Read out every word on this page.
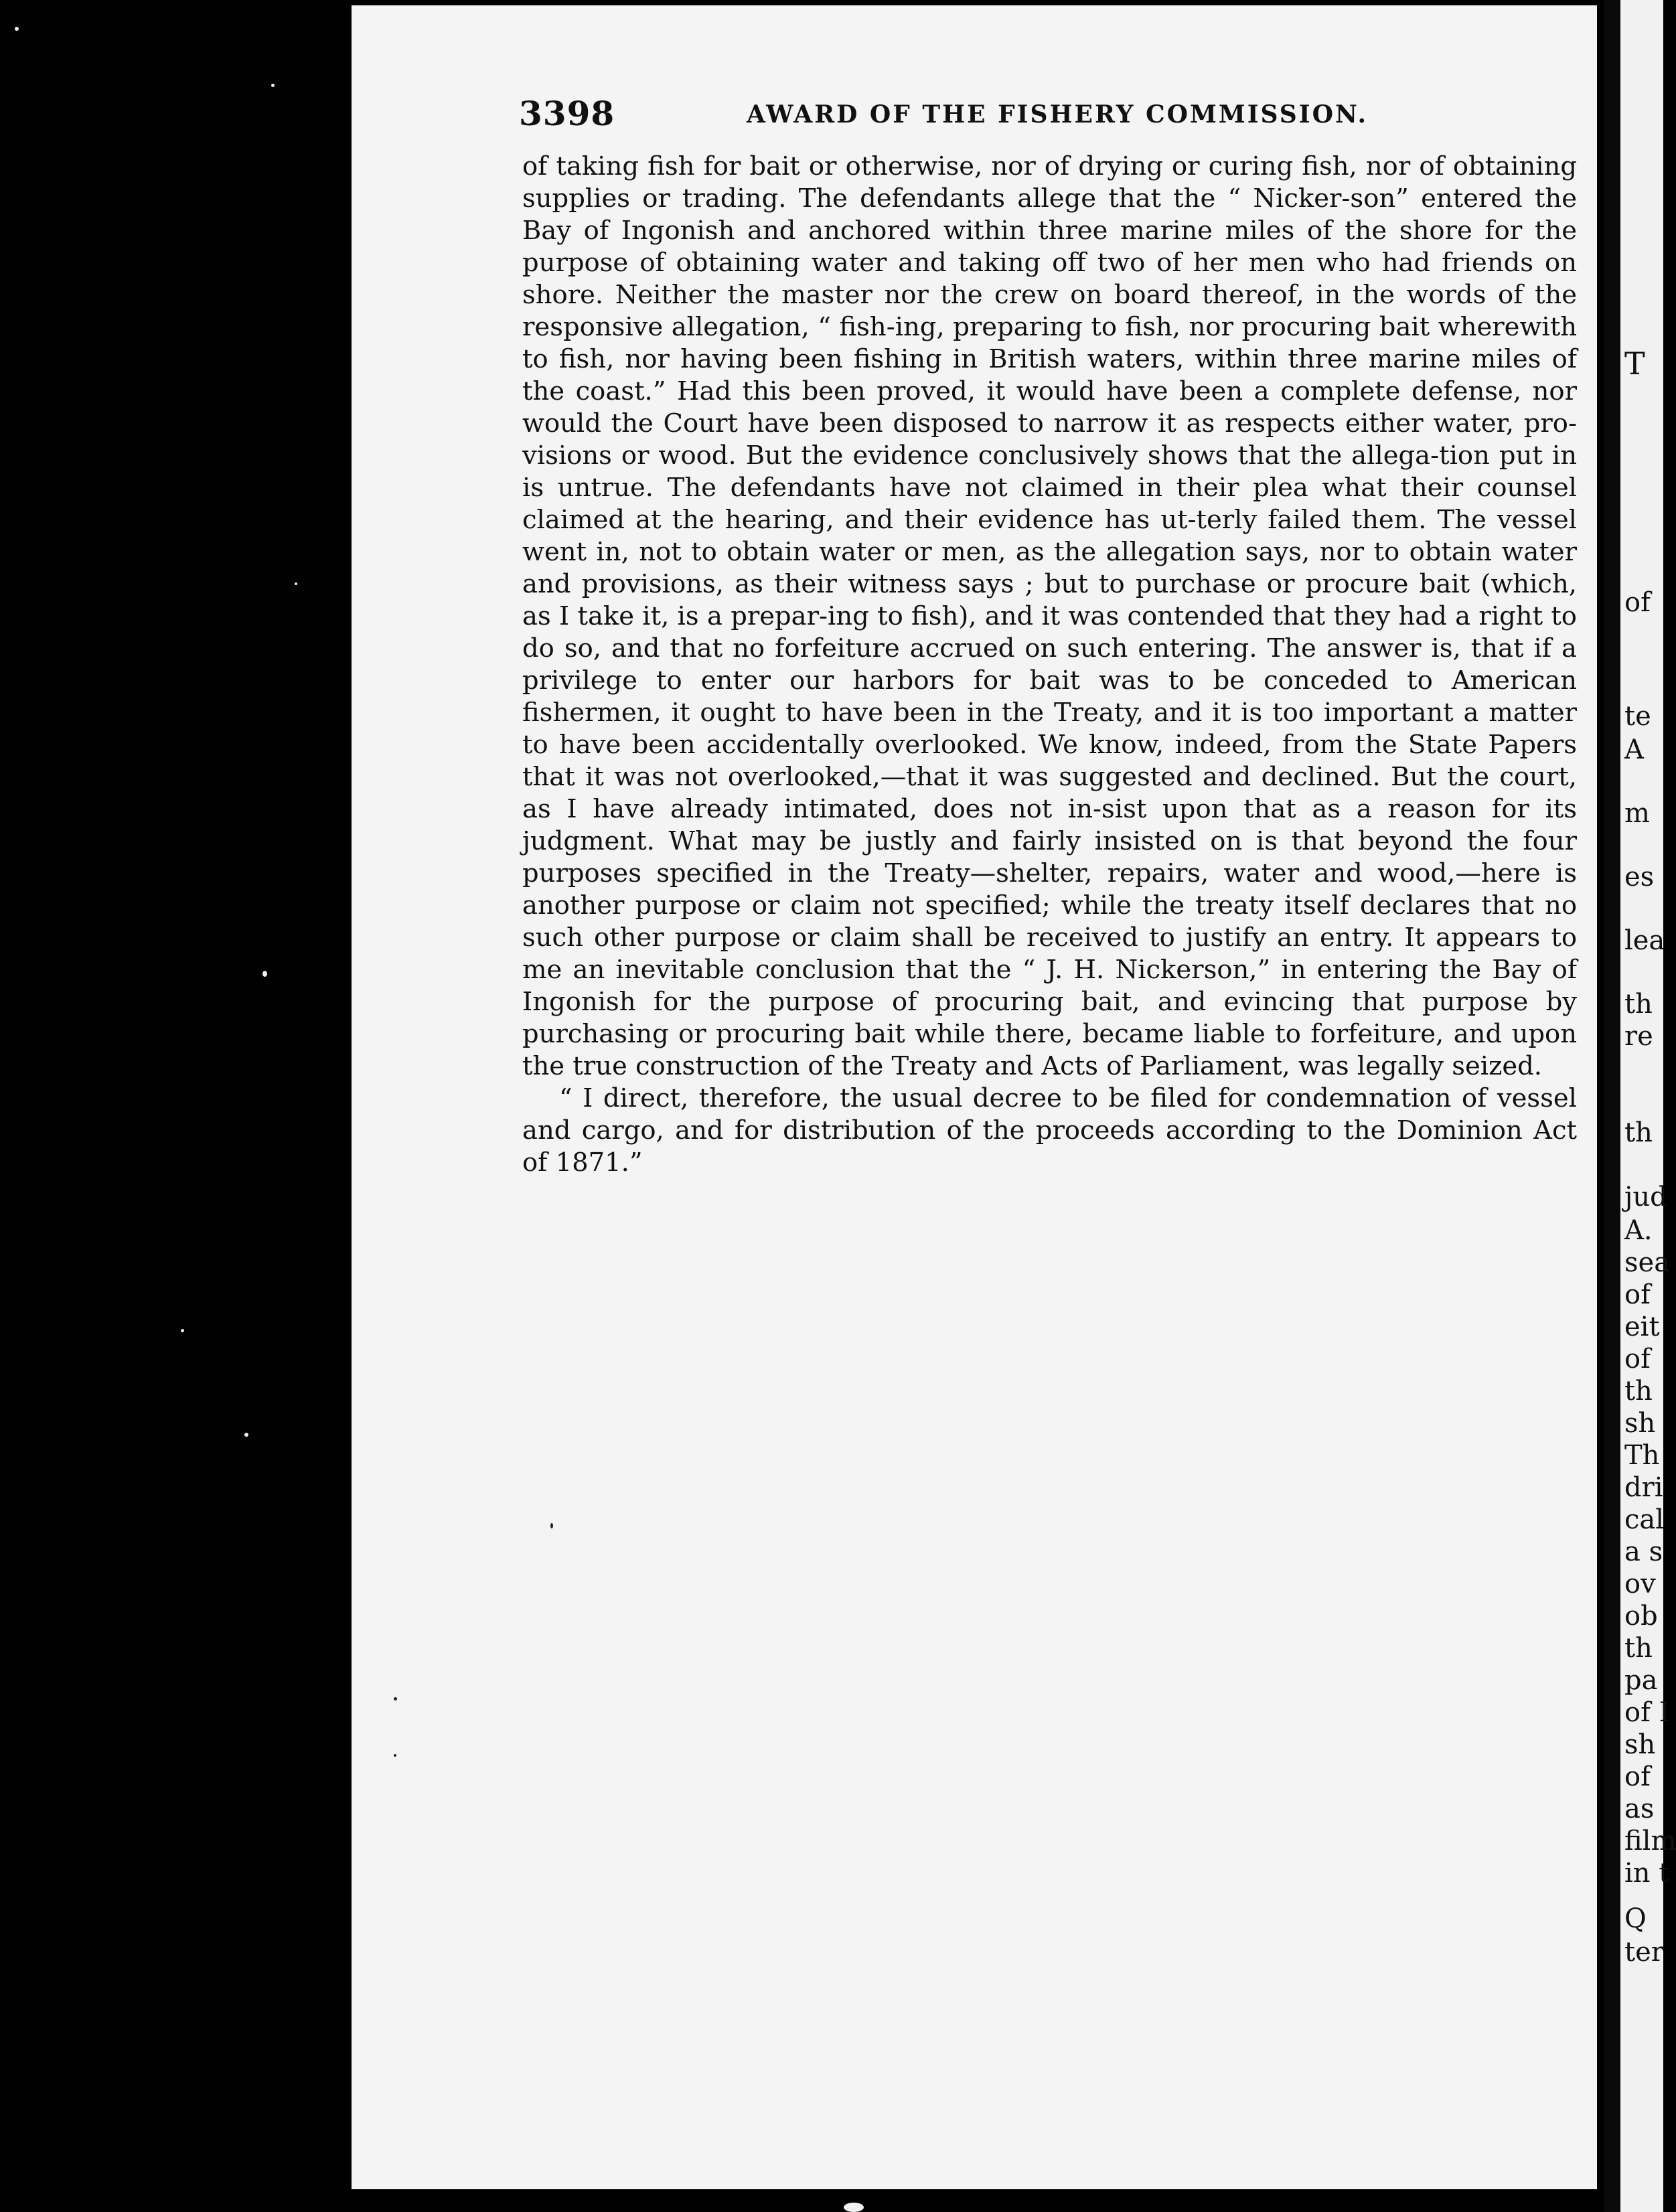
T
of
te
A
m
es
lea
th
re
th
jud
A.
sea
of
eit
of
th
sh
Th
dri
cal
a s
ov
ob
th
pa
of I
sh
of
as
film
in t
Q
ter
3398	AWARD OF THE FISHERY COMMISSION.

of taking fish for bait or otherwise, nor of drying or curing fish, nor of obtaining supplies or trading. The defendants allege that the “ Nicker-son” entered the Bay of Ingonish and anchored within three marine miles of the shore for the purpose of obtaining water and taking off two of her men who had friends on shore. Neither the master nor the crew on board thereof, in the words of the responsive allegation, “ fish-ing, preparing to fish, nor procuring bait wherewith to fish, nor having been fishing in British waters, within three marine miles of the coast.” Had this been proved, it would have been a complete defense, nor would the Court have been disposed to narrow it as respects either water, pro-visions or wood. But the evidence conclusively shows that the allega-tion put in is untrue. The defendants have not claimed in their plea what their counsel claimed at the hearing, and their evidence has ut-terly failed them. The vessel went in, not to obtain water or men, as the allegation says, nor to obtain water and provisions, as their witness says ; but to purchase or procure bait (which, as I take it, is a prepar-ing to fish), and it was contended that they had a right to do so, and that no forfeiture accrued on such entering. The answer is, that if a privilege to enter our harbors for bait was to be conceded to American fishermen, it ought to have been in the Treaty, and it is too important a matter to have been accidentally overlooked. We know, indeed, from the State Papers that it was not overlooked,—that it was suggested and declined. But the court, as I have already intimated, does not in-sist upon that as a reason for its judgment. What may be justly and fairly insisted on is that beyond the four purposes specified in the Treaty—shelter, repairs, water and wood,—here is another purpose or claim not specified; while the treaty itself declares that no such other purpose or claim shall be received to justify an entry. It appears to me an inevitable conclusion that the “ J. H. Nickerson,” in entering the Bay of Ingonish for the purpose of procuring bait, and evincing that purpose by purchasing or procuring bait while there, became liable to forfeiture, and upon the true construction of the Treaty and Acts of Parliament, was legally seized.

“ I direct, therefore, the usual decree to be filed for condemnation of vessel and cargo, and for distribution of the proceeds according to the Dominion Act of 1871.”
